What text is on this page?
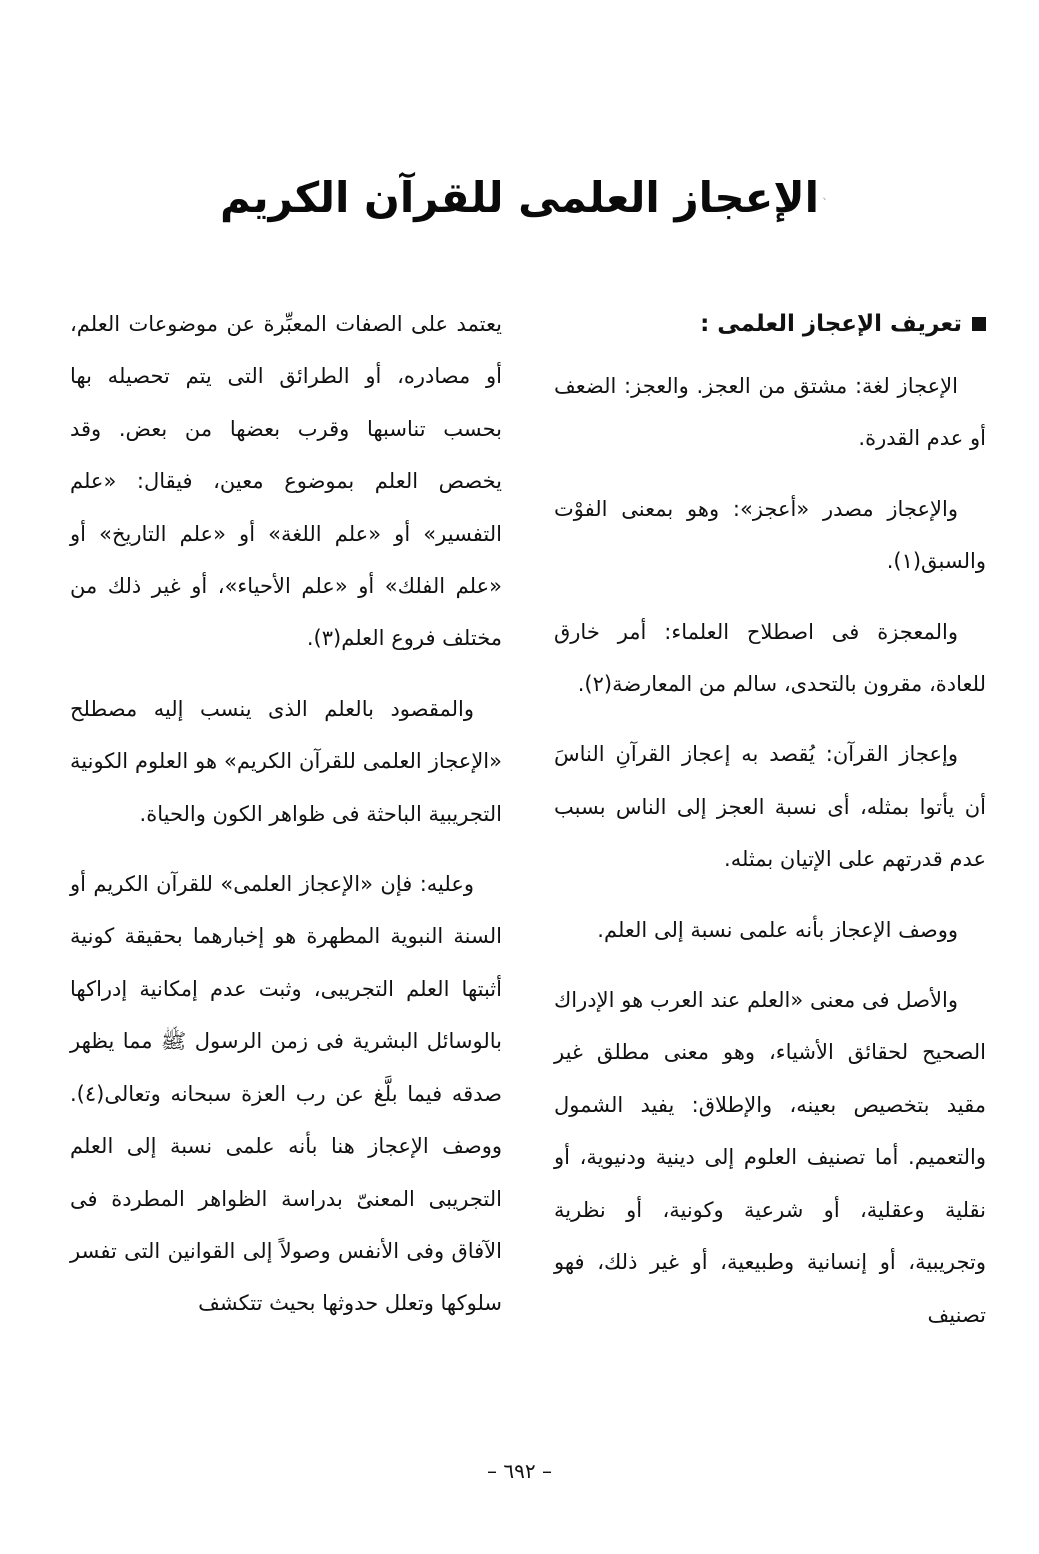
الإعجاز العلمى للقرآن الكريم ˎ
تعريف الإعجاز العلمى :

الإعجاز لغة: مشتق من العجز. والعجز: الضعف أو عدم القدرة.

والإعجاز مصدر «أعجز»: وهو بمعنى الفوْت والسبق(١).

والمعجزة فى اصطلاح العلماء: أمر خارق للعادة، مقرون بالتحدى، سالم من المعارضة(٢).

وإعجاز القرآن: يُقصد به إعجاز القرآنِ الناسَ أن يأتوا بمثله، أى نسبة العجز إلى الناس بسبب عدم قدرتهم على الإتيان بمثله.

ووصف الإعجاز بأنه علمى نسبة إلى العلم.

والأصل فى معنى «العلم عند العرب هو الإدراك الصحيح لحقائق الأشياء، وهو معنى مطلق غير مقيد بتخصيص بعينه، والإطلاق: يفيد الشمول والتعميم. أما تصنيف العلوم إلى دينية ودنيوية، أو نقلية وعقلية، أو شرعية وكونية، أو نظرية وتجريبية، أو إنسانية وطبيعية، أو غير ذلك، فهو تصنيف

يعتمد على الصفات المعبِّرة عن موضوعات العلم، أو مصادره، أو الطرائق التى يتم تحصيله بها بحسب تناسبها وقرب بعضها من بعض. وقد يخصص العلم بموضوع معين، فيقال: «علم التفسير» أو «علم اللغة» أو «علم التاريخ» أو «علم الفلك» أو «علم الأحياء»، أو غير ذلك من مختلف فروع العلم(٣).

والمقصود بالعلم الذى ينسب إليه مصطلح «الإعجاز العلمى للقرآن الكريم» هو العلوم الكونية التجريبية الباحثة فى ظواهر الكون والحياة.

وعليه: فإن «الإعجاز العلمى» للقرآن الكريم أو السنة النبوية المطهرة هو إخبارهما بحقيقة كونية أثبتها العلم التجريبى، وثبت عدم إمكانية إدراكها بالوسائل البشرية فى زمن الرسول ﷺ مما يظهر صدقه فيما بلَّغ عن رب العزة سبحانه وتعالى(٤). ووصف الإعجاز هنا بأنه علمى نسبة إلى العلم التجريبى المعنىّ بدراسة الظواهر المطردة فى الآفاق وفى الأنفس وصولاً إلى القوانين التى تفسر سلوكها وتعلل حدوثها بحيث تتكشف

– ٦٩٢ –
